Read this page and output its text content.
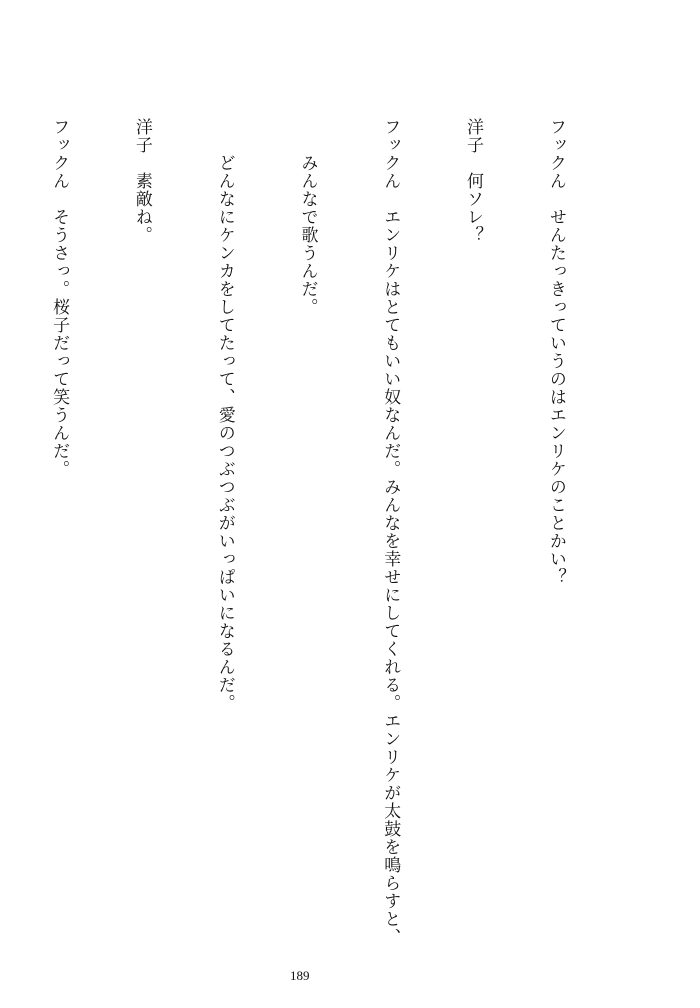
フックん　せんたっきっていうのはエンリケのことかい？

洋子　何ソレ？

フックん　エンリケはとてもいい奴なんだ。みんなを幸せにしてくれる。エンリケが太鼓を鳴らすと、

　　みんなで歌うんだ。

　　どんなにケンカをしてたって、愛のつぶつぶがいっぱいになるんだ。

洋子　素敵ね。

フックん　そうさっ。桜子だって笑うんだ。

189
